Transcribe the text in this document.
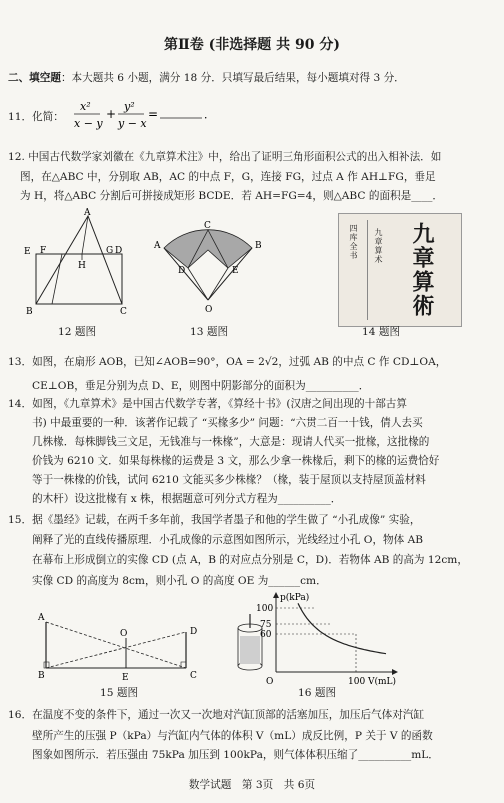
第Ⅱ卷 (非选择题 共 90 分)
二、填空题：本大题共 6 小题，满分 18 分．只填写最后结果，每小题填对得 3 分．
11．化简：
x²
x − y
+
y²
y − x
=	．
12. 中国古代数学家刘徽在《九章算术注》中，给出了证明三角形面积公式的出入相补法．如
图，在△ABC 中，分别取 AB，AC 的中点 F，G，连接 FG，过点 A 作 AH⊥FG，垂足
为 H，将△ABC 分割后可拼接成矩形 BCDE．若 AH=FG=4，则△ABC 的面积是____．
A
E F	G D
H
B	C
C
A	B
D	E
O
四库全书 九章算术	九章算術
12 题图	13 题图	14 题图
13．如图，在扇形 AOB，已知∠AOB=90°，OA = 2√2，过弧 AB 的中点 C 作 CD⊥OA，
CE⊥OB，垂足分别为点 D、E，则图中阴影部分的面积为__________．
14．如图，《九章算术》是中国古代数学专著，《算经十书》(汉唐之间出现的十部古算
书) 中最重要的一种．该著作记载了 “买椽多少” 问题：“六贯二百一十钱，倩人去买
几株椽．每株脚钱三文足，无钱准与一株椽”，大意是：现请人代买一批椽，这批椽的
价钱为 6210 文．如果每株椽的运费是 3 文，那么少拿一株椽后，剩下的椽的运费恰好
等于一株椽的价钱，试问 6210 文能买多少株椽？（椽，装于屋顶以支持屋顶盖材料
的木杆）设这批椽有 x 株，根据题意可列分式方程为__________．
15．据《墨经》记载，在两千多年前，我国学者墨子和他的学生做了 “小孔成像” 实验，
阐释了光的直线传播原理．小孔成像的示意图如图所示，光线经过小孔 O，物体 AB
在幕布上形成倒立的实像 CD (点 A，B 的对应点分别是 C，D)．若物体 AB 的高为 12cm，
实像 CD 的高度为 8cm，则小孔 O 的高度 OE 为______cm．
A
D
O
B	E	C
p(kPa)
V(mL)
100
75
60
100
O
15 题图	16 题图
16．在温度不变的条件下，通过一次又一次地对汽缸顶部的活塞加压，加压后气体对汽缸
壁所产生的压强 P（kPa）与汽缸内气体的体积 V（mL）成反比例，P 关于 V 的函数
图象如图所示．若压强由 75kPa 加压到 100kPa，则气体体积压缩了__________mL．
数学试题　第 3页　共 6页
